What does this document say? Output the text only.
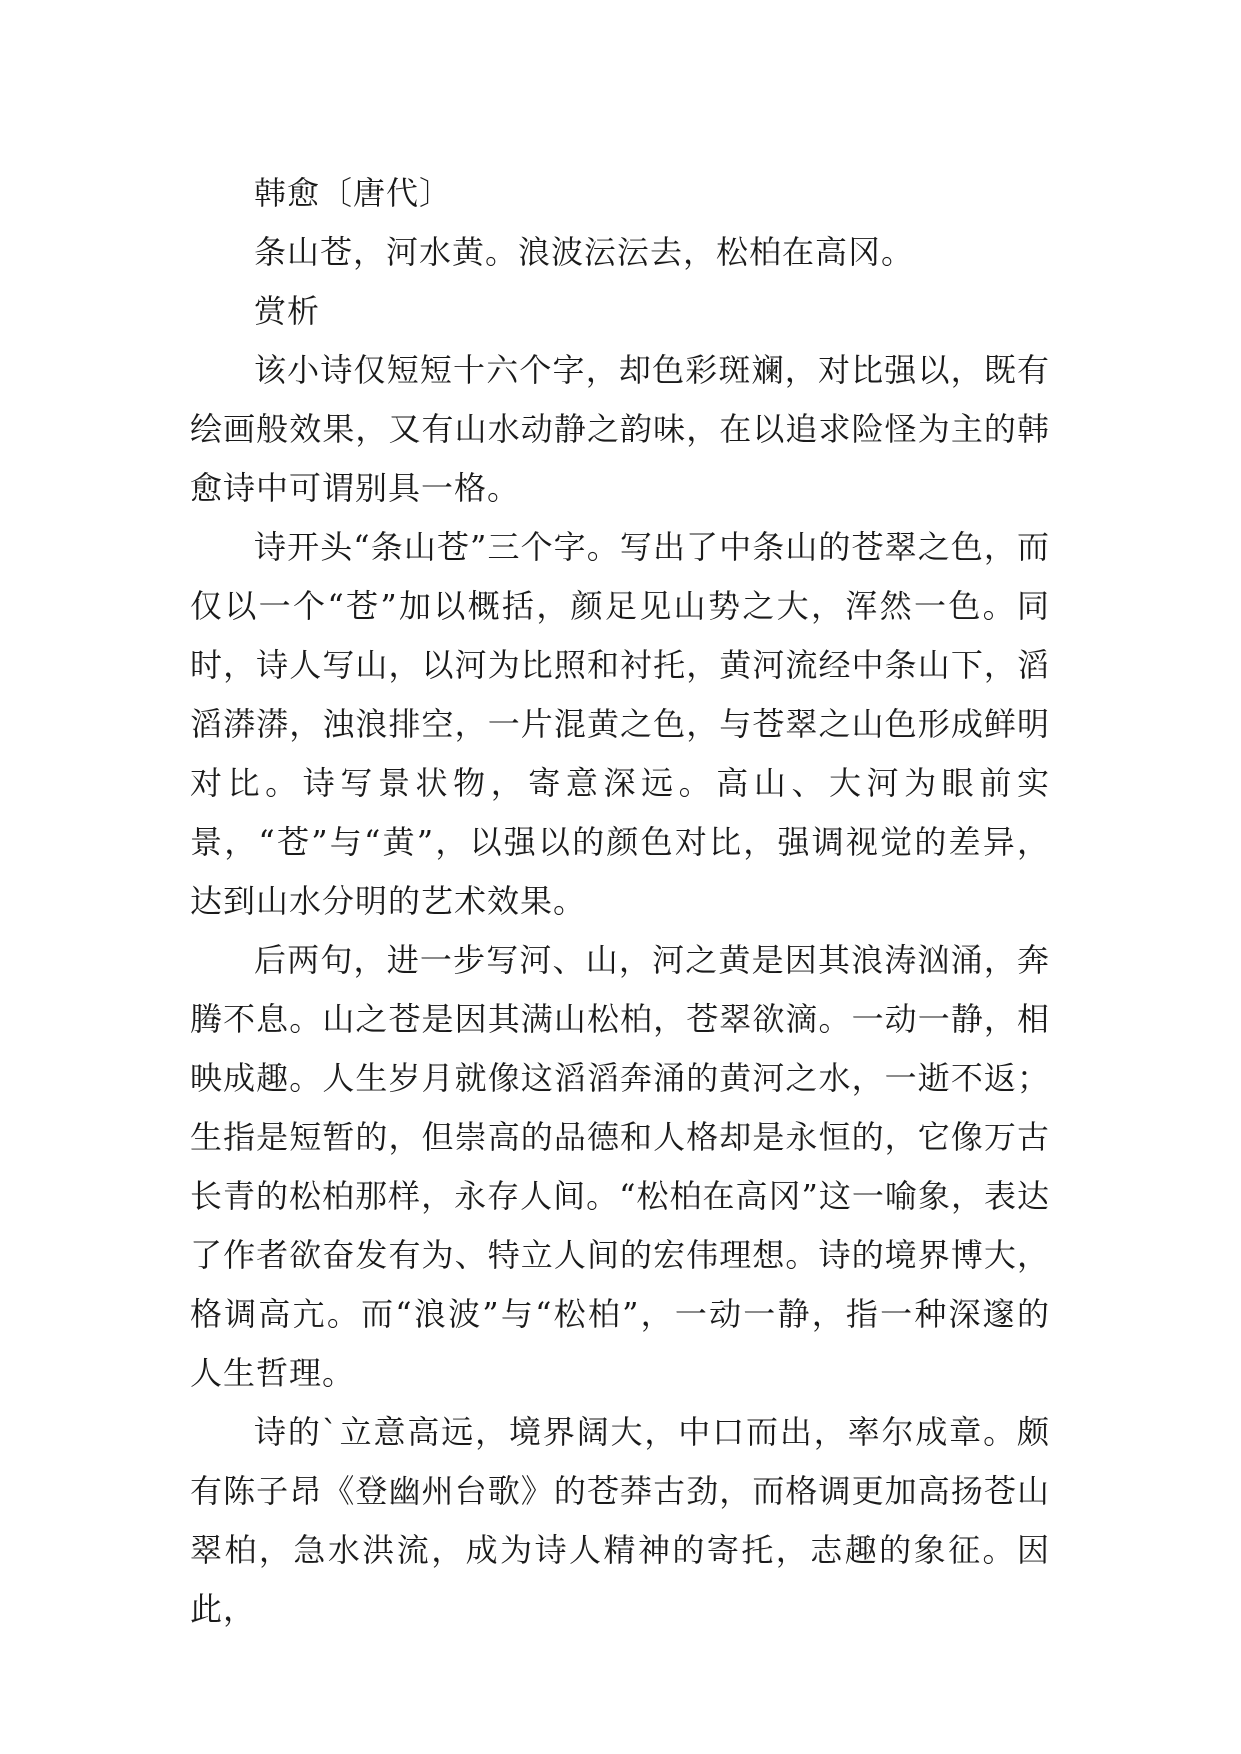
韩愈〔唐代〕

条山苍，河水黄。浪波沄沄去，松柏在高冈。

赏析

该小诗仅短短十六个字，却色彩斑斓，对比强以，既有绘画般效果，又有山水动静之韵味，在以追求险怪为主的韩愈诗中可谓别具一格。

诗开头“条山苍”三个字。写出了中条山的苍翠之色，而仅以一个“苍”加以概括，颜足见山势之大，浑然一色。同时，诗人写山，以河为比照和衬托，黄河流经中条山下，滔滔漭漭，浊浪排空，一片混黄之色，与苍翠之山色形成鲜明对比。诗写景状物，寄意深远。高山、大河为眼前实景，“苍”与“黄”，以强以的颜色对比，强调视觉的差异，达到山水分明的艺术效果。

后两句，进一步写河、山，河之黄是因其浪涛汹涌，奔腾不息。山之苍是因其满山松柏，苍翠欲滴。一动一静，相映成趣。人生岁月就像这滔滔奔涌的黄河之水，一逝不返；生指是短暂的，但崇高的品德和人格却是永恒的，它像万古长青的松柏那样，永存人间。“松柏在高冈”这一喻象，表达了作者欲奋发有为、特立人间的宏伟理想。诗的境界博大，格调高亢。而“浪波”与“松柏”，一动一静，指一种深邃的人生哲理。

诗的`立意高远，境界阔大，中口而出，率尔成章。颇有陈子昂《登幽州台歌》的苍莽古劲，而格调更加高扬苍山翠柏，急水洪流，成为诗人精神的寄托，志趣的象征。因此，
